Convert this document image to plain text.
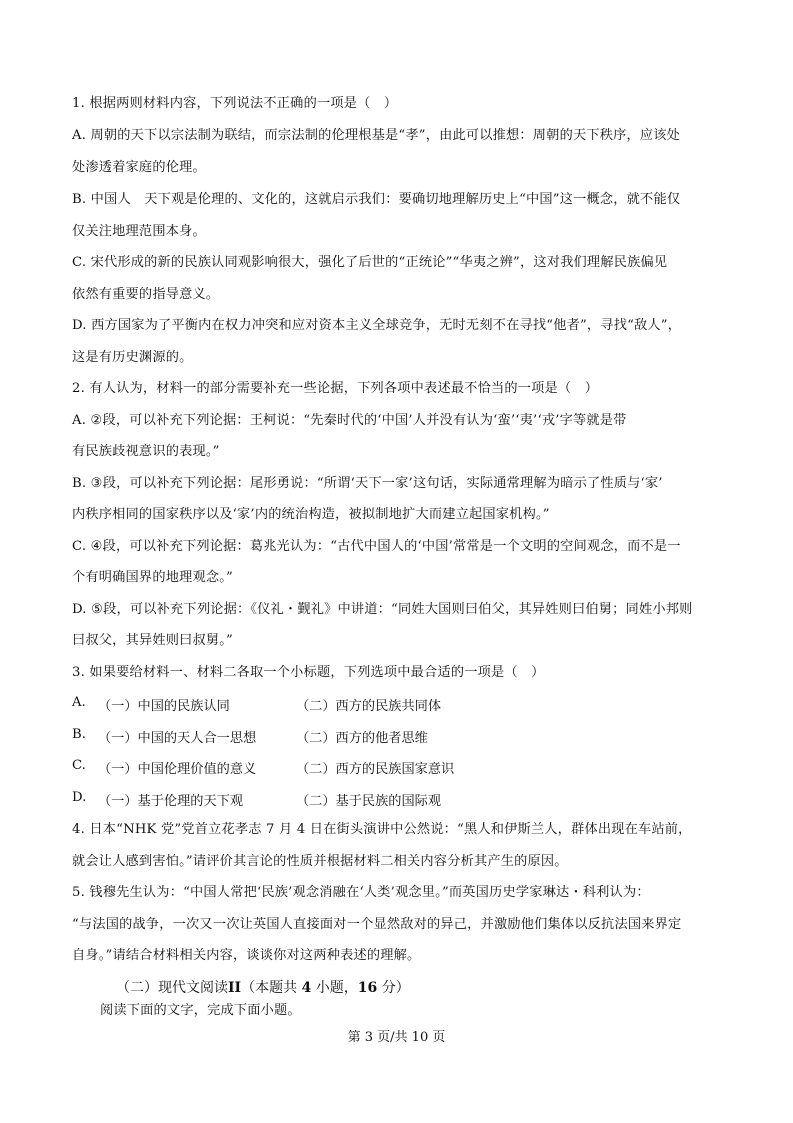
1. 根据两则材料内容，下列说法不正确的一项是（　）
A. 周朝的天下以宗法制为联结，而宗法制的伦理根基是“孝”，由此可以推想：周朝的天下秩序，应该处
处渗透着家庭的伦理。
B. 中国人　天下观是伦理的、文化的，这就启示我们：要确切地理解历史上“中国”这一概念，就不能仅
仅关注地理范围本身。
C. 宋代形成的新的民族认同观影响很大，强化了后世的“正统论”“华夷之辨”，这对我们理解民族偏见
依然有重要的指导意义。
D. 西方国家为了平衡内在权力冲突和应对资本主义全球竞争，无时无刻不在寻找“他者”，寻找“敌人”，
这是有历史渊源的。
2. 有人认为，材料一的部分需要补充一些论据，下列各项中表述最不恰当的一项是（　）
A. ②段，可以补充下列论据：王柯说：“先秦时代的‘中国’人并没有认为‘蛮’‘夷’‘戎’字等就是带
有民族歧视意识的表现。”
B. ③段，可以补充下列论据：尾形勇说：“所谓‘天下一家’这句话，实际通常理解为暗示了性质与‘家’
内秩序相同的国家秩序以及‘家’内的统治构造，被拟制地扩大而建立起国家机构。”
C. ④段，可以补充下列论据：葛兆光认为：“古代中国人的‘中国’常常是一个文明的空间观念，而不是一
个有明确国界的地理观念。”
D. ⑤段，可以补充下列论据：《仪礼・觐礼》中讲道：“同姓大国则曰伯父，其异姓则曰伯舅；同姓小邦则
曰叔父，其异姓则曰叔舅。”
3. 如果要给材料一、材料二各取一个小标题，下列选项中最合适的一项是（　）
A. （一）中国的民族认同	（二）西方的民族共同体
B. （一）中国的天人合一思想	（二）西方的他者思维
C. （一）中国伦理价值的意义	（二）西方的民族国家意识
D. （一）基于伦理的天下观	（二）基于民族的国际观
4. 日本“NHK 党”党首立花孝志 7 月 4 日在街头演讲中公然说：“黑人和伊斯兰人，群体出现在车站前，
就会让人感到害怕。”请评价其言论的性质并根据材料二相关内容分析其产生的原因。
5. 钱穆先生认为：“中国人常把‘民族’观念消融在‘人类’观念里。”而英国历史学家琳达・科利认为：
“与法国的战争，一次又一次让英国人直接面对一个显然敌对的异己，并激励他们集体以反抗法国来界定
自身。”请结合材料相关内容，谈谈你对这两种表述的理解。
（二）现代文阅读II（本题共 4 小题，16 分）
阅读下面的文字，完成下面小题。
第 3 页/共 10 页
